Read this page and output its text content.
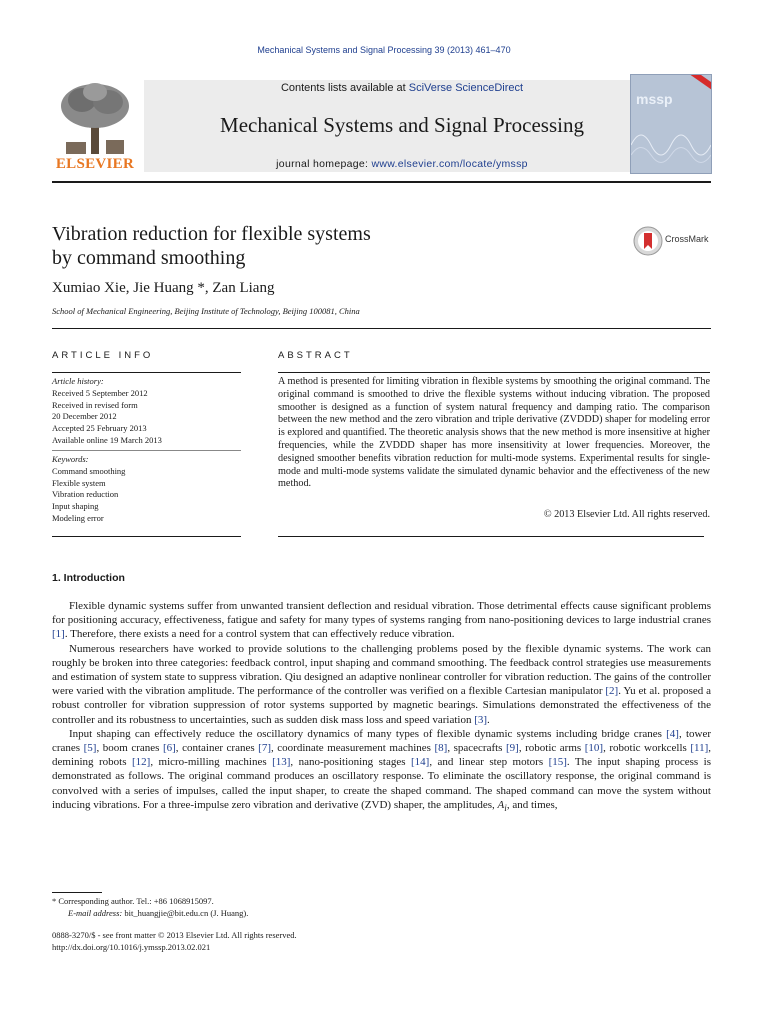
Mechanical Systems and Signal Processing 39 (2013) 461–470
ELSEVIER
Contents lists available at SciVerse ScienceDirect
Mechanical Systems and Signal Processing
journal homepage: www.elsevier.com/locate/ymssp
mssp
Vibration reduction for flexible systems
by command smoothing
CrossMark
Xumiao Xie, Jie Huang *, Zan Liang
School of Mechanical Engineering, Beijing Institute of Technology, Beijing 100081, China
ARTICLE INFO
Article history:
Received 5 September 2012
Received in revised form
20 December 2012
Accepted 25 February 2013
Available online 19 March 2013
Keywords:
Command smoothing
Flexible system
Vibration reduction
Input shaping
Modeling error
ABSTRACT
A method is presented for limiting vibration in flexible systems by smoothing the original command. The original command is smoothed to drive the flexible systems without inducing vibration. The proposed smoother is designed as a function of system natural frequency and damping ratio. The comparison between the new method and the zero vibration and triple derivative (ZVDDD) shaper for modeling error is explored and quantified. The theoretic analysis shows that the new method is more insensitive at higher frequencies, while the ZVDDD shaper has more insensitivity at lower frequencies. Moreover, the designed smoother benefits vibration reduction for multi-mode systems. Experimental results for single-mode and multi-mode systems validate the simulated dynamic behavior and the effectiveness of the new method.
© 2013 Elsevier Ltd. All rights reserved.
1. Introduction

Flexible dynamic systems suffer from unwanted transient deflection and residual vibration. Those detrimental effects cause significant problems for positioning accuracy, effectiveness, fatigue and safety for many types of systems ranging from nano-positioning devices to large industrial cranes [1]. Therefore, there exists a need for a control system that can effectively reduce vibration.

Numerous researchers have worked to provide solutions to the challenging problems posed by the flexible dynamic systems. The work can roughly be broken into three categories: feedback control, input shaping and command smoothing. The feedback control strategies use measurements and estimation of system state to suppress vibration. Qiu designed an adaptive nonlinear controller for vibration reduction. The gains of the controller were varied with the vibration amplitude. The performance of the controller was verified on a flexible Cartesian manipulator [2]. Yu et al. proposed a robust controller for vibration suppression of rotor systems supported by magnetic bearings. Simulations demonstrated the effectiveness of the controller and its robustness to uncertainties, such as sudden disk mass loss and speed variation [3].

Input shaping can effectively reduce the oscillatory dynamics of many types of flexible dynamic systems including bridge cranes [4], tower cranes [5], boom cranes [6], container cranes [7], coordinate measurement machines [8], spacecrafts [9], robotic arms [10], robotic workcells [11], demining robots [12], micro-milling machines [13], nano-positioning stages [14], and linear step motors [15]. The input shaping process is demonstrated as follows. The original command produces an oscillatory response. To eliminate the oscillatory response, the original command is convolved with a series of impulses, called the input shaper, to create the shaped command. The shaped command can move the system without inducing vibrations. For a three-impulse zero vibration and derivative (ZVD) shaper, the amplitudes, $A_i$, and times,

* Corresponding author. Tel.: +86 1068915097.
E-mail address: bit_huangjie@bit.edu.cn (J. Huang).
0888-3270/$ - see front matter © 2013 Elsevier Ltd. All rights reserved.
http://dx.doi.org/10.1016/j.ymssp.2013.02.021
